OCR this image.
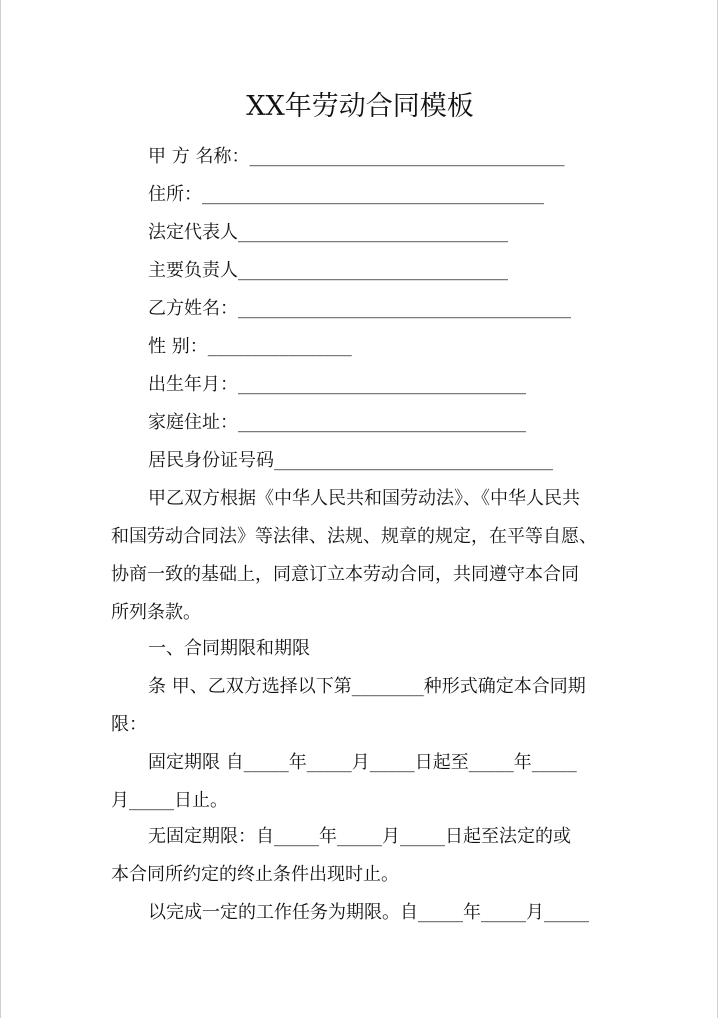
XX年劳动合同模板
甲 方 名称：___________________________________
住所：______________________________________
法定代表人______________________________
主要负责人______________________________
乙方姓名：_____________________________________
性 别：________________
出生年月：________________________________
家庭住址：________________________________
居民身份证号码_______________________________
甲乙双方根据《中华人民共和国劳动法》、《中华人民共
和国劳动合同法》等法律、法规、规章的规定，在平等自愿、
协商一致的基础上，同意订立本劳动合同，共同遵守本合同
所列条款。
一、合同期限和期限
条 甲、乙双方选择以下第________种形式确定本合同期
限：
固定期限 自_____年_____月_____日起至_____年_____
月_____日止。
无固定期限：自_____年_____月_____日起至法定的或
本合同所约定的终止条件出现时止。
以完成一定的工作任务为期限。自_____年_____月_____
